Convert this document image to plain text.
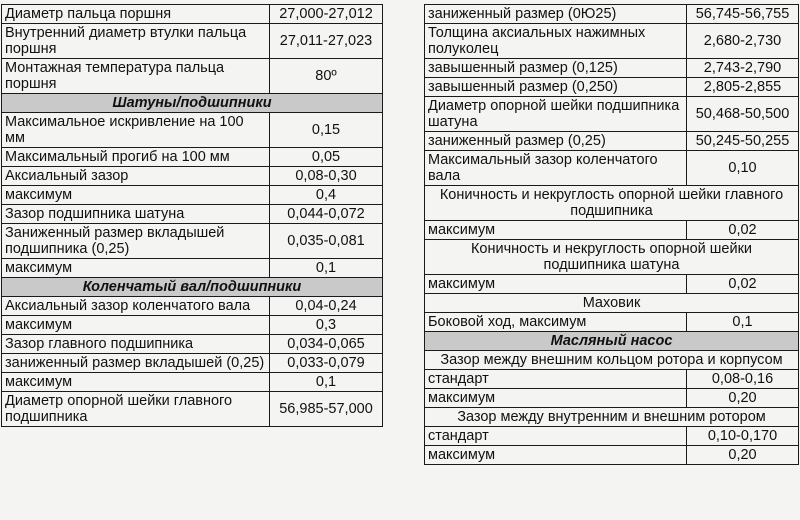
Диаметр пальца поршня	27,000-27,012
Внутренний диаметр втулки пальца поршня	27,011-27,023
Монтажная температура пальца поршня	80º
Шатуны/подшипники
Максимальное искривление на 100 мм	0,15
Максимальный прогиб на 100 мм	0,05
Аксиальный зазор	0,08-0,30
максимум	0,4
Зазор подшипника шатуна	0,044-0,072
Заниженный размер вкладышей подшипника (0,25)	0,035-0,081
максимум	0,1
Коленчатый вал/подшипники
Аксиальный зазор коленчатого вала	0,04-0,24
максимум	0,3
Зазор главного подшипника	0,034-0,065
заниженный размер вкладышей (0,25)	0,033-0,079
максимум	0,1
Диаметр опорной шейки главного подшипника	56,985-57,000
заниженный размер (0Ю25)	56,745-56,755
Толщина аксиальных нажимных полуколец	2,680-2,730
завышенный размер (0,125)	2,743-2,790
завышенный размер (0,250)	2,805-2,855
Диаметр опорной шейки подшипника шатуна	50,468-50,500
заниженный размер (0,25)	50,245-50,255
Максимальный зазор коленчатого вала	0,10
Коничность и некруглость опорной шейки главного подшипника
максимум	0,02
Коничность и некруглость опорной шейки подшипника шатуна
максимум	0,02
Маховик
Боковой ход, максимум	0,1
Масляный насос
Зазор между внешним кольцом ротора и корпусом
стандарт	0,08-0,16
максимум	0,20
Зазор между внутренним и внешним ротором
стандарт	0,10-0,170
максимум	0,20
